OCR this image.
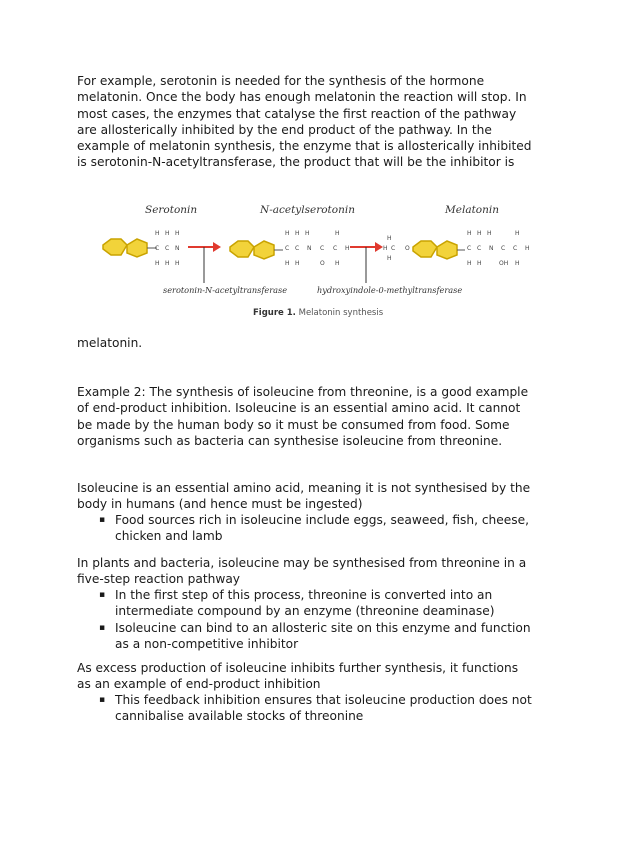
For example, serotonin is needed for the synthesis of the hormone
melatonin. Once the body has enough melatonin the reaction will stop. In
most cases, the enzymes that catalyse the first reaction of the pathway
are allosterically inhibited by the end product of the pathway. In the
example of melatonin synthesis, the enzyme that is allosterically inhibited
is serotonin-N-acetyltransferase, the product that will be the inhibitor is

Serotonin	N-acetylserotonin	Melatonin
H H H
C C N
H H H
H H H	H
C C N C C H
H H	O H
H
H
H C O
H H H	H
C C N C C H
H H	OH H
serotonin-N-acetyltransferase	hydroxyindole-0-methyltransferase
Figure 1. Melatonin synthesis

melatonin.

Example 2: The synthesis of isoleucine from threonine, is a good example
of end-product inhibition. Isoleucine is an essential amino acid. It cannot
be made by the human body so it must be consumed from food. Some
organisms such as bacteria can synthesise isoleucine from threonine.

Isoleucine is an essential amino acid, meaning it is not synthesised by the
body in humans (and hence must be ingested)

▪ Food sources rich in isoleucine include eggs, seaweed, fish, cheese,
chicken and lamb

In plants and bacteria, isoleucine may be synthesised from threonine in a
five-step reaction pathway

▪ In the first step of this process, threonine is converted into an
intermediate compound by an enzyme (threonine deaminase)
▪ Isoleucine can bind to an allosteric site on this enzyme and function
as a non-competitive inhibitor

As excess production of isoleucine inhibits further synthesis, it functions
as an example of end-product inhibition

▪ This feedback inhibition ensures that isoleucine production does not
cannibalise available stocks of threonine
